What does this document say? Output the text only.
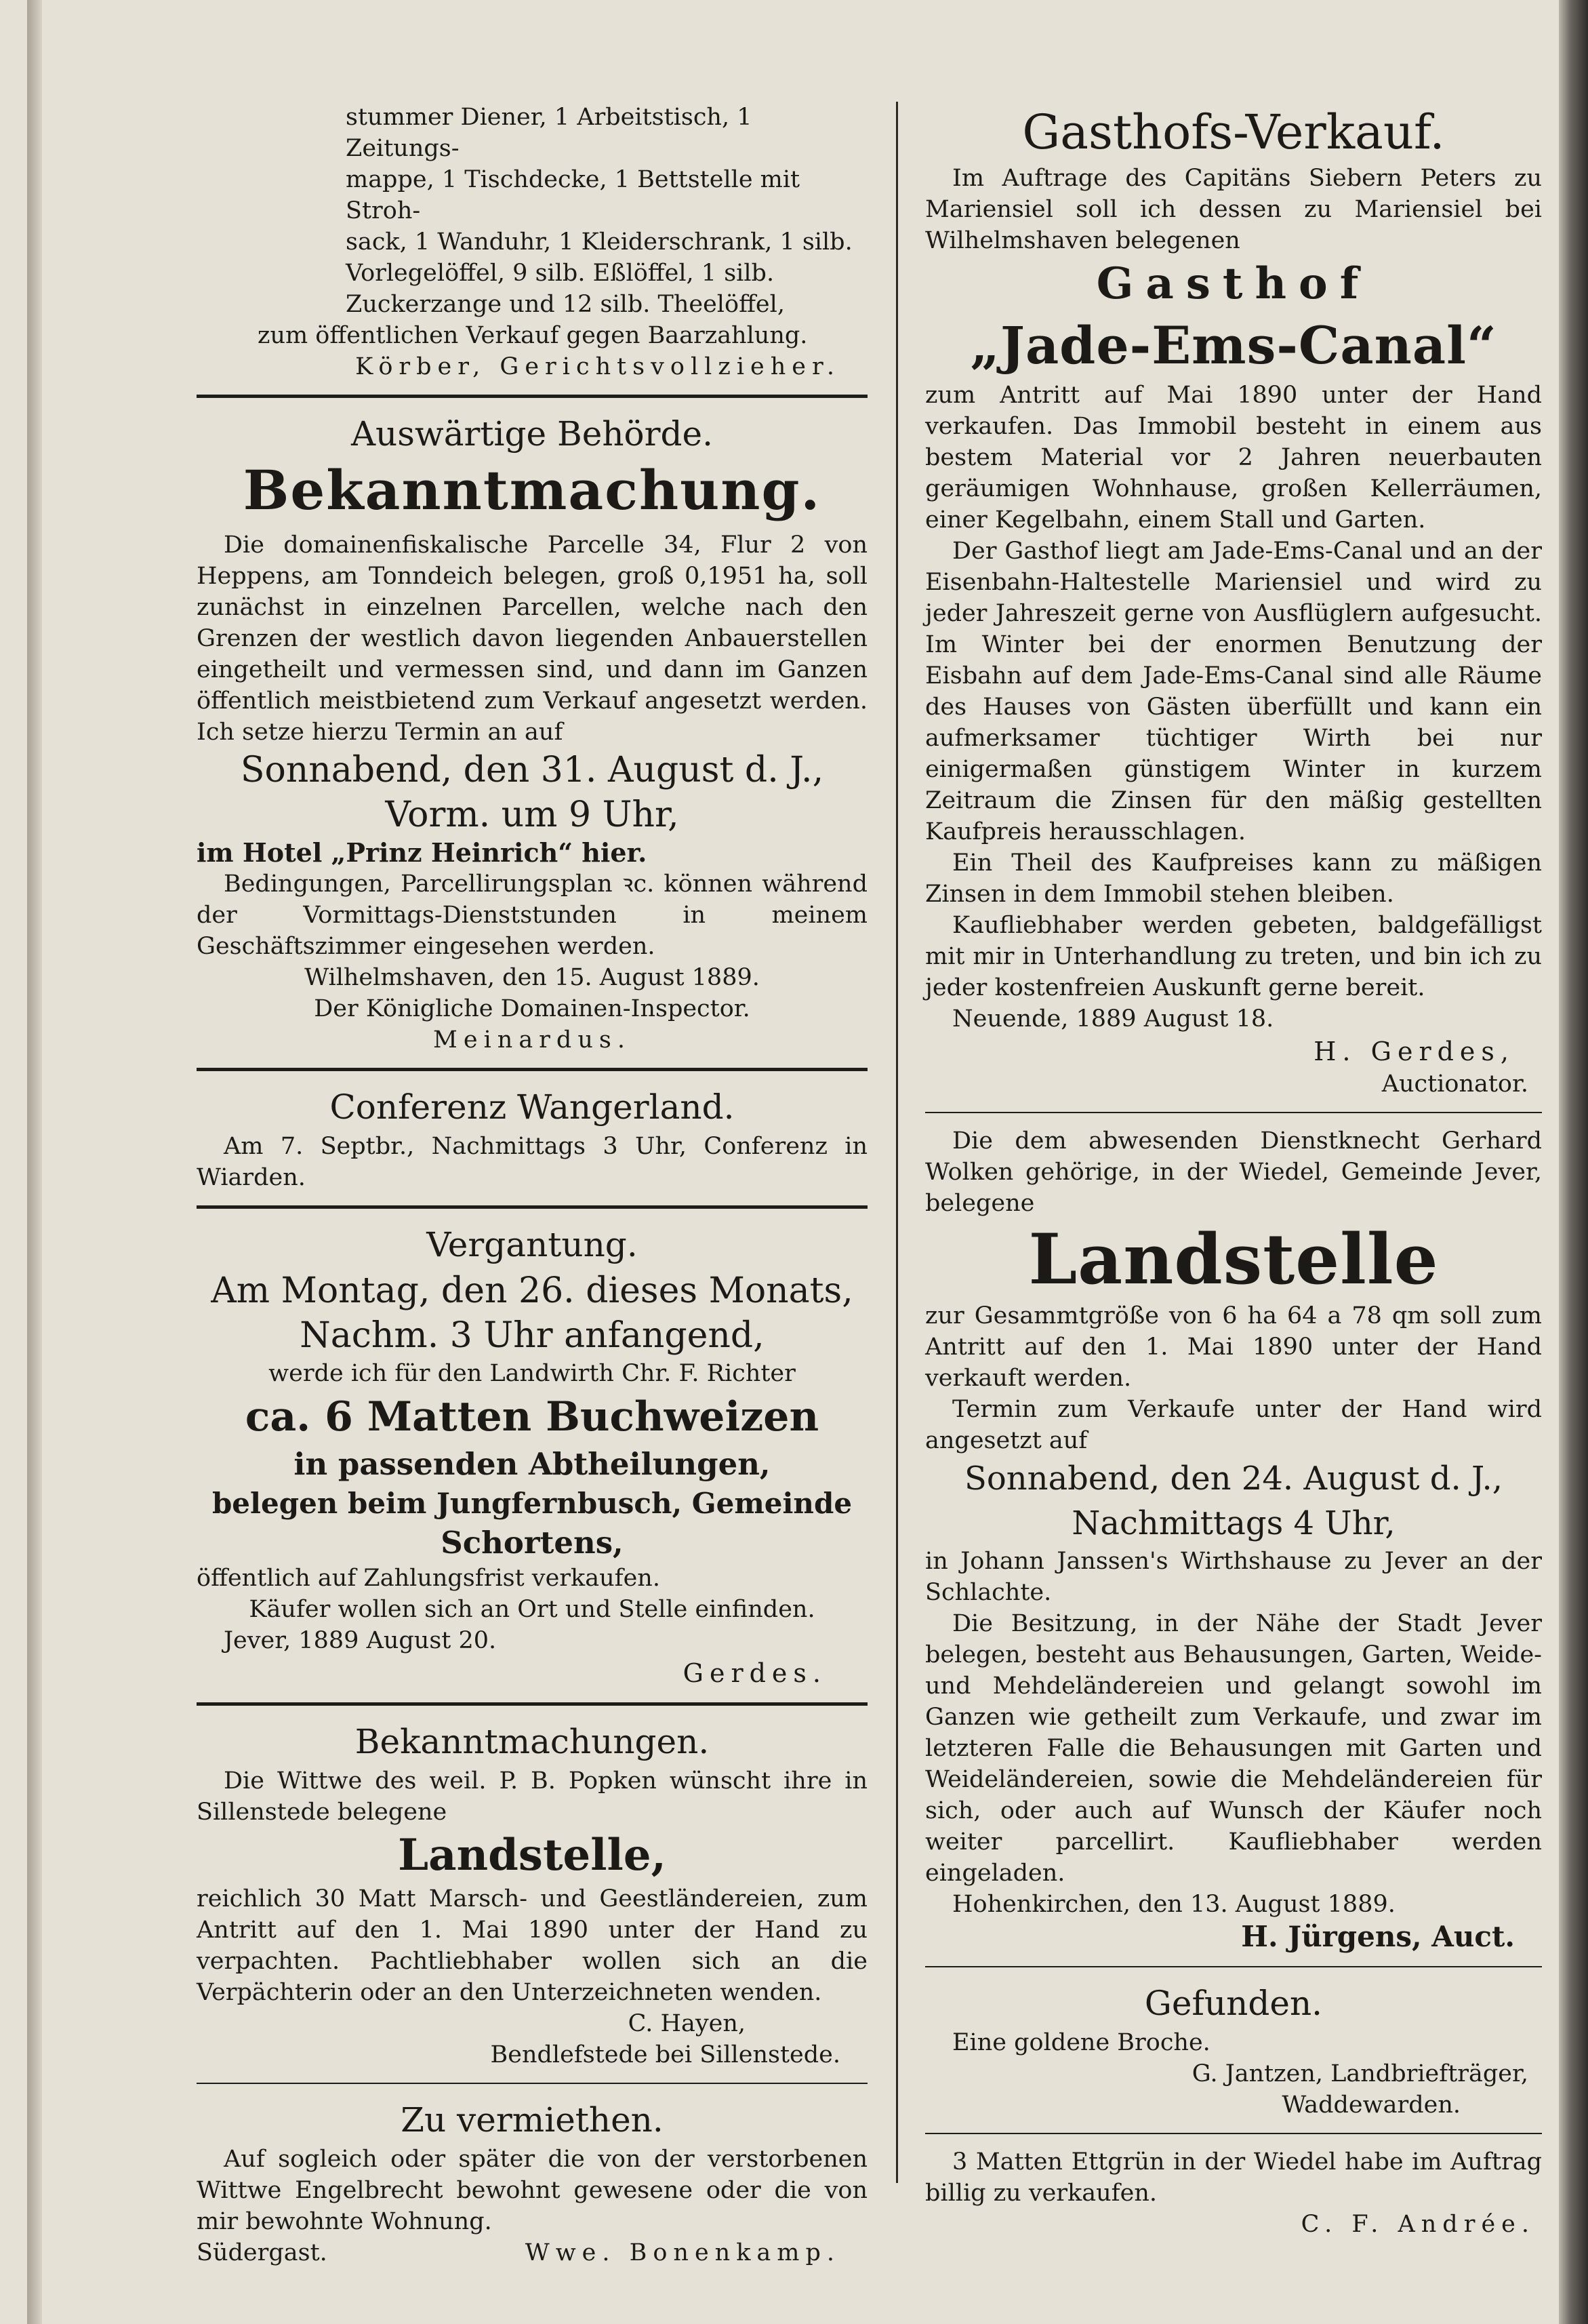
stummer Diener, 1 Arbeitstisch, 1 Zeitungs-

mappe, 1 Tischdecke, 1 Bettstelle mit Stroh-

sack, 1 Wanduhr, 1 Kleiderschrank, 1 silb.

Vorlegelöffel, 9 silb. Eßlöffel, 1 silb.

Zuckerzange und 12 silb. Theelöffel,

zum öffentlichen Verkauf gegen Baarzahlung.

Körber, Gerichtsvollzieher.

Auswärtige Behörde.

Bekanntmachung.

Die domainenfiskalische Parcelle 34, Flur 2 von Heppens, am Tonndeich belegen, groß 0,1951 ha, soll zunächst in einzelnen Parcellen, welche nach den Grenzen der westlich davon liegenden Anbauerstellen eingetheilt und vermessen sind, und dann im Ganzen öffentlich meistbietend zum Verkauf angesetzt werden. Ich setze hierzu Termin an auf

Sonnabend, den 31. August d. J.,

Vorm. um 9 Uhr,

im Hotel „Prinz Heinrich“ hier.

Bedingungen, Parcellirungsplan ꝛc. können während der Vormittags-Dienststunden in meinem Geschäftszimmer eingesehen werden.

Wilhelmshaven, den 15. August 1889.

Der Königliche Domainen-Inspector.

Meinardus.

Conferenz Wangerland.

Am 7. Septbr., Nachmittags 3 Uhr, Conferenz in Wiarden.

Vergantung.

Am Montag, den 26. dieses Monats,

Nachm. 3 Uhr anfangend,

werde ich für den Landwirth Chr. F. Richter

ca. 6 Matten Buchweizen

in passenden Abtheilungen,

belegen beim Jungfernbusch, Gemeinde

Schortens,

öffentlich auf Zahlungsfrist verkaufen.

Käufer wollen sich an Ort und Stelle einfinden.

Jever, 1889 August 20.

Gerdes.

Bekanntmachungen.

Die Wittwe des weil. P. B. Popken wünscht ihre in Sillenstede belegene

Landstelle,

reichlich 30 Matt Marsch- und Geestländereien, zum Antritt auf den 1. Mai 1890 unter der Hand zu verpachten. Pachtliebhaber wollen sich an die Verpächterin oder an den Unterzeichneten wenden.

C. Hayen,

Bendlefstede bei Sillenstede.

Zu vermiethen.

Auf sogleich oder später die von der verstorbenen Wittwe Engelbrecht bewohnt gewesene oder die von mir bewohnte Wohnung.

Südergast.	Wwe. Bonenkamp.

Gasthofs-Verkauf.

Im Auftrage des Capitäns Siebern Peters zu Mariensiel soll ich dessen zu Mariensiel bei Wilhelmshaven belegenen

Gasthof

„Jade-Ems-Canal“

zum Antritt auf Mai 1890 unter der Hand verkaufen. Das Immobil besteht in einem aus bestem Material vor 2 Jahren neuerbauten geräumigen Wohnhause, großen Kellerräumen, einer Kegelbahn, einem Stall und Garten.

Der Gasthof liegt am Jade-Ems-Canal und an der Eisenbahn-Haltestelle Mariensiel und wird zu jeder Jahreszeit gerne von Ausflüglern aufgesucht. Im Winter bei der enormen Benutzung der Eisbahn auf dem Jade-Ems-Canal sind alle Räume des Hauses von Gästen überfüllt und kann ein aufmerksamer tüchtiger Wirth bei nur einigermaßen günstigem Winter in kurzem Zeitraum die Zinsen für den mäßig gestellten Kaufpreis herausschlagen.

Ein Theil des Kaufpreises kann zu mäßigen Zinsen in dem Immobil stehen bleiben.

Kaufliebhaber werden gebeten, baldgefälligst mit mir in Unterhandlung zu treten, und bin ich zu jeder kostenfreien Auskunft gerne bereit.

Neuende, 1889 August 18.

H. Gerdes,

Auctionator.

Die dem abwesenden Dienstknecht Gerhard Wolken gehörige, in der Wiedel, Gemeinde Jever, belegene

Landstelle

zur Gesammtgröße von 6 ha 64 a 78 qm soll zum Antritt auf den 1. Mai 1890 unter der Hand verkauft werden.

Termin zum Verkaufe unter der Hand wird angesetzt auf

Sonnabend, den 24. August d. J.,

Nachmittags 4 Uhr,

in Johann Janssen's Wirthshause zu Jever an der Schlachte.

Die Besitzung, in der Nähe der Stadt Jever belegen, besteht aus Behausungen, Garten, Weide- und Mehdeländereien und gelangt sowohl im Ganzen wie getheilt zum Verkaufe, und zwar im letzteren Falle die Behausungen mit Garten und Weideländereien, sowie die Mehdeländereien für sich, oder auch auf Wunsch der Käufer noch weiter parcellirt. Kaufliebhaber werden eingeladen.

Hohenkirchen, den 13. August 1889.

H. Jürgens, Auct.

Gefunden.

Eine goldene Broche.

G. Jantzen, Landbriefträger,

Waddewarden.

3 Matten Ettgrün in der Wiedel habe im Auftrag billig zu verkaufen.

C. F. Andrée.
